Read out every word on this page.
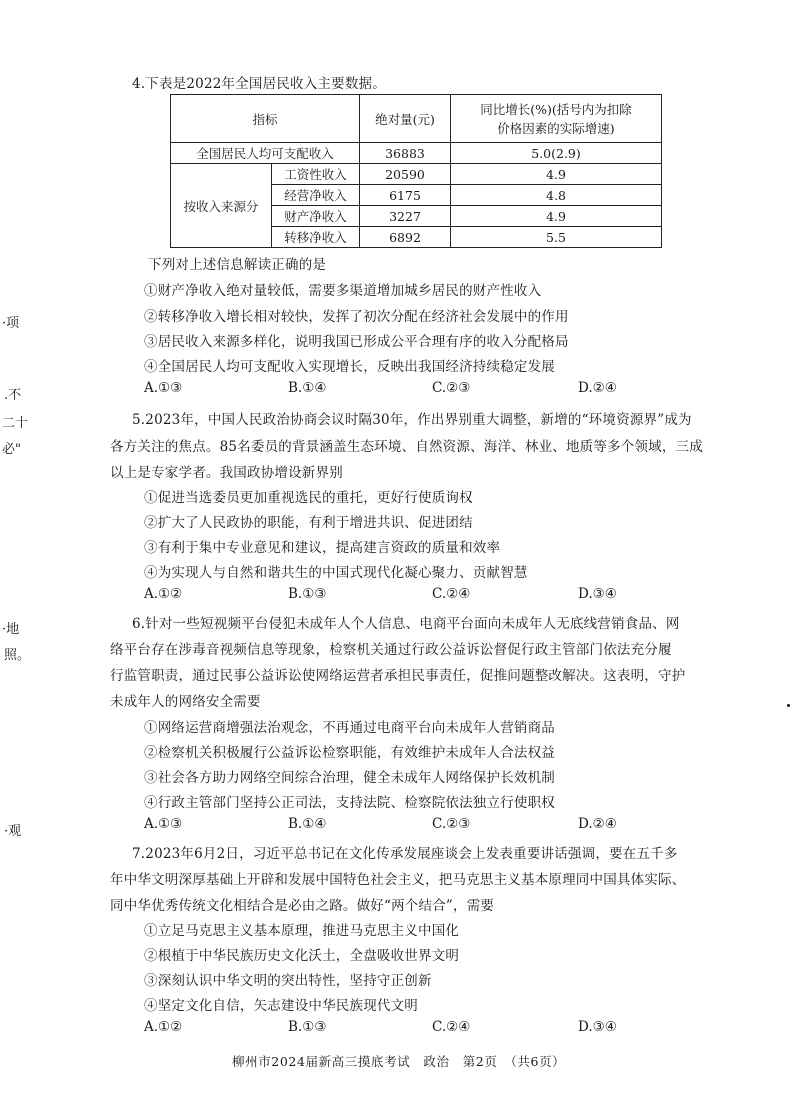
·项
.不
二十
必"
·地
照。
·观
4.下表是2022年全国居民收入主要数据。
指标		绝对量(元)	同比增长(%)(括号内为扣除
价格因素的实际增速)

全国居民人均可支配收入		36883	5.0(2.9)
按收入来源分	工资性收入	20590	4.9
	经营净收入	6175	4.8
	财产净收入	3227	4.9
	转移净收入	6892	5.5
下列对上述信息解读正确的是
①财产净收入绝对量较低，需要多渠道增加城乡居民的财产性收入
②转移净收入增长相对较快，发挥了初次分配在经济社会发展中的作用
③居民收入来源多样化，说明我国已形成公平合理有序的收入分配格局
④全国居民人均可支配收入实现增长，反映出我国经济持续稳定发展
A.①③	B.①④	C.②③	D.②④
5.2023年，中国人民政治协商会议时隔30年，作出界别重大调整，新增的“环境资源界”成为
各方关注的焦点。85名委员的背景涵盖生态环境、自然资源、海洋、林业、地质等多个领域，三成
以上是专家学者。我国政协增设新界别
①促进当选委员更加重视选民的重托，更好行使质询权
②扩大了人民政协的职能，有利于增进共识、促进团结
③有利于集中专业意见和建议，提高建言资政的质量和效率
④为实现人与自然和谐共生的中国式现代化凝心聚力、贡献智慧
A.①②	B.①③	C.②④	D.③④
6.针对一些短视频平台侵犯未成年人个人信息、电商平台面向未成年人无底线营销食品、网
络平台存在涉毒音视频信息等现象，检察机关通过行政公益诉讼督促行政主管部门依法充分履
行监管职责，通过民事公益诉讼使网络运营者承担民事责任，促推问题整改解决。这表明，守护
未成年人的网络安全需要
①网络运营商增强法治观念，不再通过电商平台向未成年人营销商品
②检察机关积极履行公益诉讼检察职能，有效维护未成年人合法权益
③社会各方助力网络空间综合治理，健全未成年人网络保护长效机制
④行政主管部门坚持公正司法，支持法院、检察院依法独立行使职权
A.①③	B.①④	C.②③	D.②④
7.2023年6月2日，习近平总书记在文化传承发展座谈会上发表重要讲话强调，要在五千多
年中华文明深厚基础上开辟和发展中国特色社会主义，把马克思主义基本原理同中国具体实际、
同中华优秀传统文化相结合是必由之路。做好“两个结合”，需要
①立足马克思主义基本原理，推进马克思主义中国化
②根植于中华民族历史文化沃土，全盘吸收世界文明
③深刻认识中华文明的突出特性，坚持守正创新
④坚定文化自信，矢志建设中华民族现代文明
A.①②	B.①③	C.②④	D.③④
柳州市2024届新高三摸底考试　政治　第2页　（共6页）
